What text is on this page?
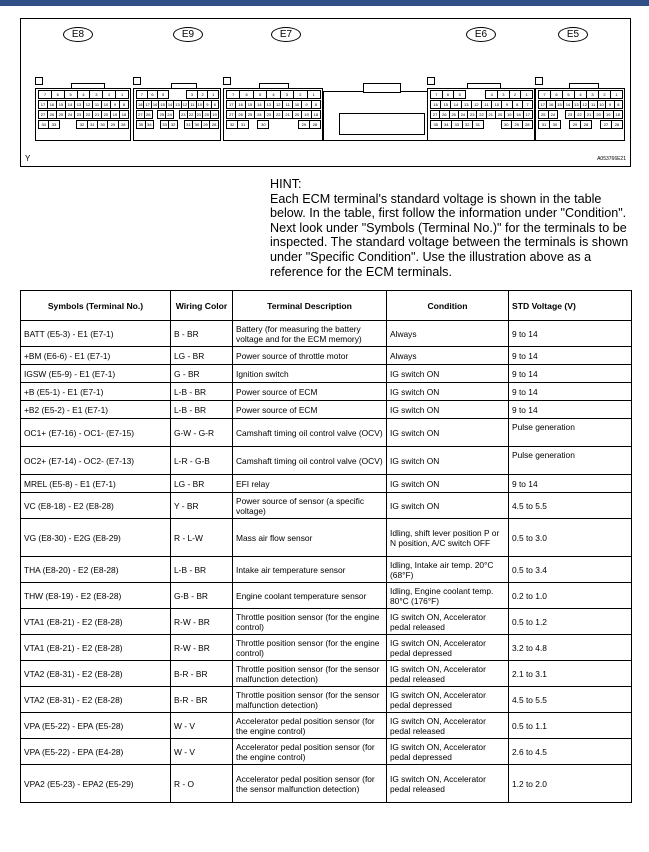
E8	E9	E7	E6	E5
7	6	5	4	3	2	1
17	16	15	14	13	12	11	10	9	8
27	26	25	24	23	22	21	20	19	18
34	33	32	31	30	29	28
7	6	5	3	2	1
18 17 16 15 14 13 12 11 10	9	8
27 26	25 24	23 22 21 20 19
35	34	33	32	31	30	29	28
7	6	5	4	3	2	1
17	16	15	14	13	12	11	10	9	8
27	26	25	24	23	22	21	20	19	18
32	31	30	29	28
7	6	5	4	3	2	1
16	15	14	13	12	11	10	9	8	7
27	26	25	24	23	22	21	20	19	18	17
35	34	33	32	31	30	29	28
7	6	5	4	3	2	1
17 16 15 14 13 12	11	10	9	8
25	24	23	22	21	20	19	18
31	30	29	28	27	26
Y	A053766E21
HINT:
Each ECM terminal's standard voltage is shown in the table below. In the table, first follow the information under "Condition". Next look under "Symbols (Terminal No.)" for the terminals to be inspected. The standard voltage between the terminals is shown under "Specific Condition". Use the illustration above as a reference for the ECM terminals.
Symbols (Terminal No.)	Wiring Color	Terminal Description	Condition	STD Voltage (V)
BATT (E5-3) - E1 (E7-1)	B - BR	Battery (for measuring the battery voltage and for the ECM memory)	Always	9 to 14
+BM (E6-6) - E1 (E7-1)	LG - BR	Power source of throttle motor	Always	9 to 14
IGSW (E5-9) - E1 (E7-1)	G - BR	Ignition switch	IG switch ON	9 to 14
+B (E5-1) - E1 (E7-1)	L-B - BR	Power source of ECM	IG switch ON	9 to 14
+B2 (E5-2) - E1 (E7-1)	L-B - BR	Power source of ECM	IG switch ON	9 to 14
OC1+ (E7-16) - OC1- (E7-15)	G-W - G-R	Camshaft timing oil control valve (OCV)	IG switch ON	Pulse generation
OC2+ (E7-14) - OC2- (E7-13)	L-R - G-B	Camshaft timing oil control valve (OCV)	IG switch ON	Pulse generation
MREL (E5-8) - E1 (E7-1)	LG - BR	EFI relay	IG switch ON	9 to 14
VC (E8-18) - E2 (E8-28)	Y - BR	Power source of sensor (a specific voltage)	IG switch ON	4.5 to 5.5
VG (E8-30) - E2G (E8-29)	R - L-W	Mass air flow sensor	Idling, shift lever position P or N position, A/C switch OFF	0.5 to 3.0
THA (E8-20) - E2 (E8-28)	L-B - BR	Intake air temperature sensor	Idling, Intake air temp. 20°C (68°F)	0.5 to 3.4
THW (E8-19) - E2 (E8-28)	G-B - BR	Engine coolant temperature sensor	Idling, Engine coolant temp. 80°C (176°F)	0.2 to 1.0
VTA1 (E8-21) - E2 (E8-28)	R-W - BR	Throttle position sensor (for the engine control)	IG switch ON, Accelerator pedal released	0.5 to 1.2
VTA1 (E8-21) - E2 (E8-28)	R-W - BR	Throttle position sensor (for the engine control)	IG switch ON, Accelerator pedal depressed	3.2 to 4.8
VTA2 (E8-31) - E2 (E8-28)	B-R - BR	Throttle position sensor (for the sensor malfunction detection)	IG switch ON, Accelerator pedal released	2.1 to 3.1
VTA2 (E8-31) - E2 (E8-28)	B-R - BR	Throttle position sensor (for the sensor malfunction detection)	IG switch ON, Accelerator pedal depressed	4.5 to 5.5
VPA (E5-22) - EPA (E5-28)	W - V	Accelerator pedal position sensor (for the engine control)	IG switch ON, Accelerator pedal released	0.5 to 1.1
VPA (E5-22) - EPA (E4-28)	W - V	Accelerator pedal position sensor (for the engine control)	IG switch ON, Accelerator pedal depressed	2.6 to 4.5
VPA2 (E5-23) - EPA2 (E5-29)	R - O	Accelerator pedal position sensor (for the sensor malfunction detection)	IG switch ON, Accelerator pedal released	1.2 to 2.0
